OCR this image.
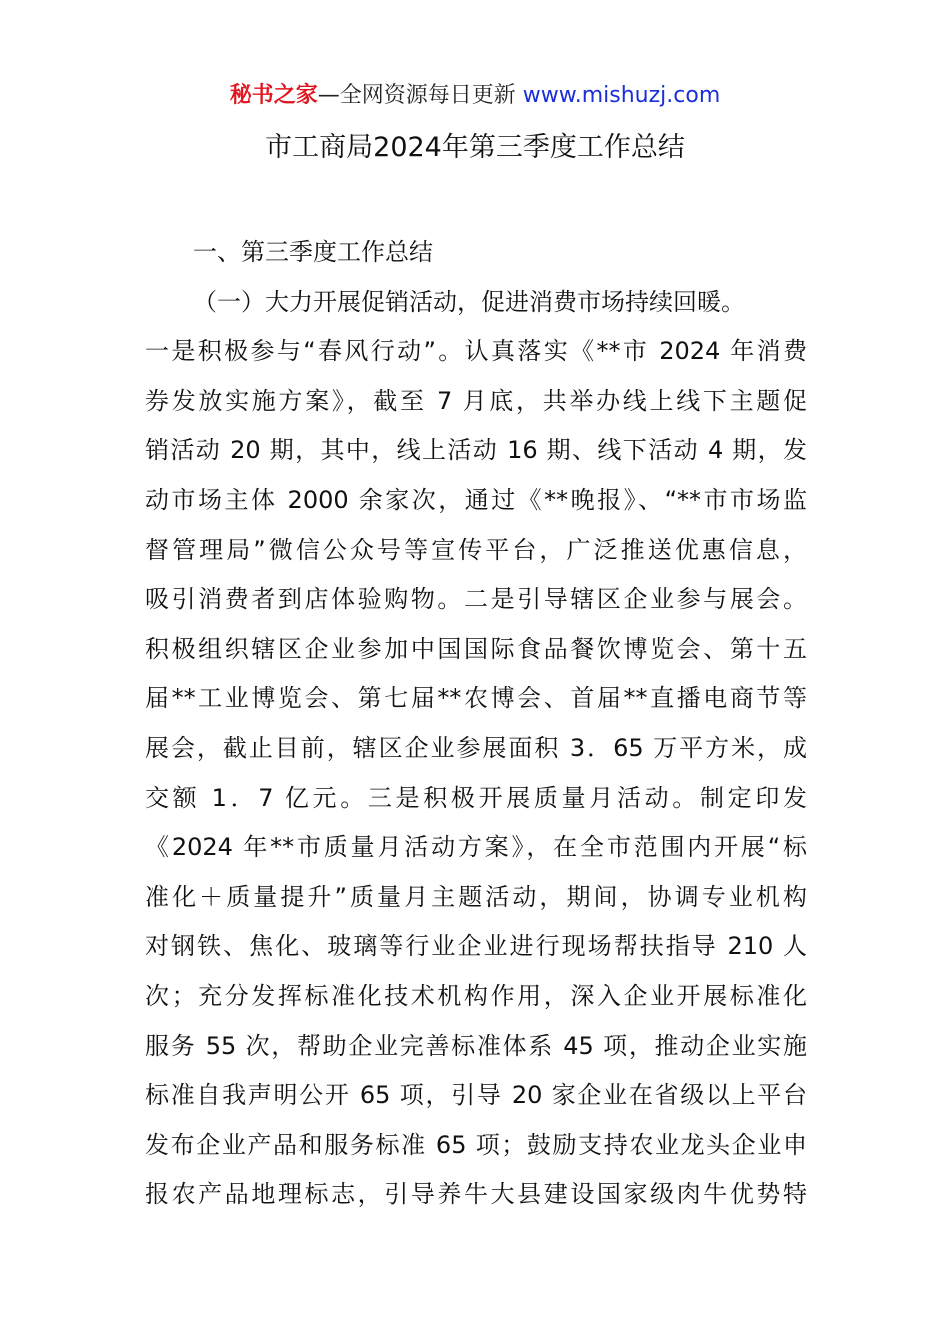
秘书之家—全网资源每日更新 www.mishuzj.com
市工商局2024年第三季度工作总结
一、第三季度工作总结
（一）大力开展促销活动，促进消费市场持续回暖。
一是积极参与“春风行动”。认真落实《**市 2024 年消费
券发放实施方案》，截至 7 月底，共举办线上线下主题促
销活动 20 期，其中，线上活动 16 期、线下活动 4 期，发
动市场主体 2000 余家次，通过《**晚报》、“**市市场监
督管理局”微信公众号等宣传平台，广泛推送优惠信息，
吸引消费者到店体验购物。二是引导辖区企业参与展会。
积极组织辖区企业参加中国国际食品餐饮博览会、第十五
届**工业博览会、第七届**农博会、首届**直播电商节等
展会，截止目前，辖区企业参展面积 3．65 万平方米，成
交额 1．7 亿元。三是积极开展质量月活动。制定印发
《2024 年**市质量月活动方案》，在全市范围内开展“标
准化＋质量提升”质量月主题活动，期间，协调专业机构
对钢铁、焦化、玻璃等行业企业进行现场帮扶指导 210 人
次；充分发挥标准化技术机构作用，深入企业开展标准化
服务 55 次，帮助企业完善标准体系 45 项，推动企业实施
标准自我声明公开 65 项，引导 20 家企业在省级以上平台
发布企业产品和服务标准 65 项；鼓励支持农业龙头企业申
报农产品地理标志，引导养牛大县建设国家级肉牛优势特
